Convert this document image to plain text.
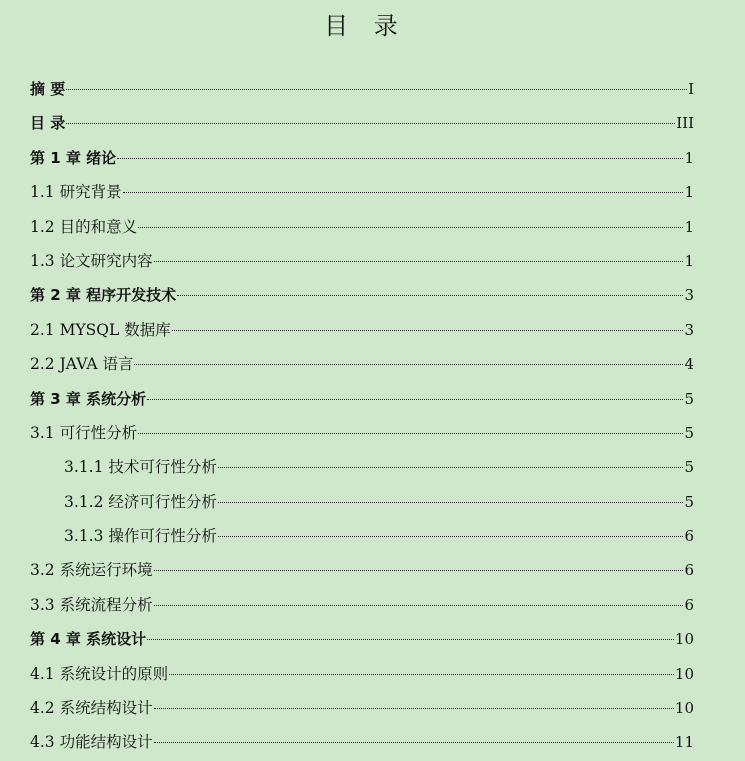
目 录
摘 要	I
目 录	III
第 1 章 绪论	1
1.1 研究背景	1
1.2 目的和意义	1
1.3 论文研究内容	1
第 2 章 程序开发技术	3
2.1 MYSQL 数据库	3
2.2 JAVA 语言	4
第 3 章 系统分析	5
3.1 可行性分析	5
3.1.1 技术可行性分析	5
3.1.2 经济可行性分析	5
3.1.3 操作可行性分析	6
3.2 系统运行环境	6
3.3 系统流程分析	6
第 4 章 系统设计	10
4.1 系统设计的原则	10
4.2 系统结构设计	10
4.3 功能结构设计	11
